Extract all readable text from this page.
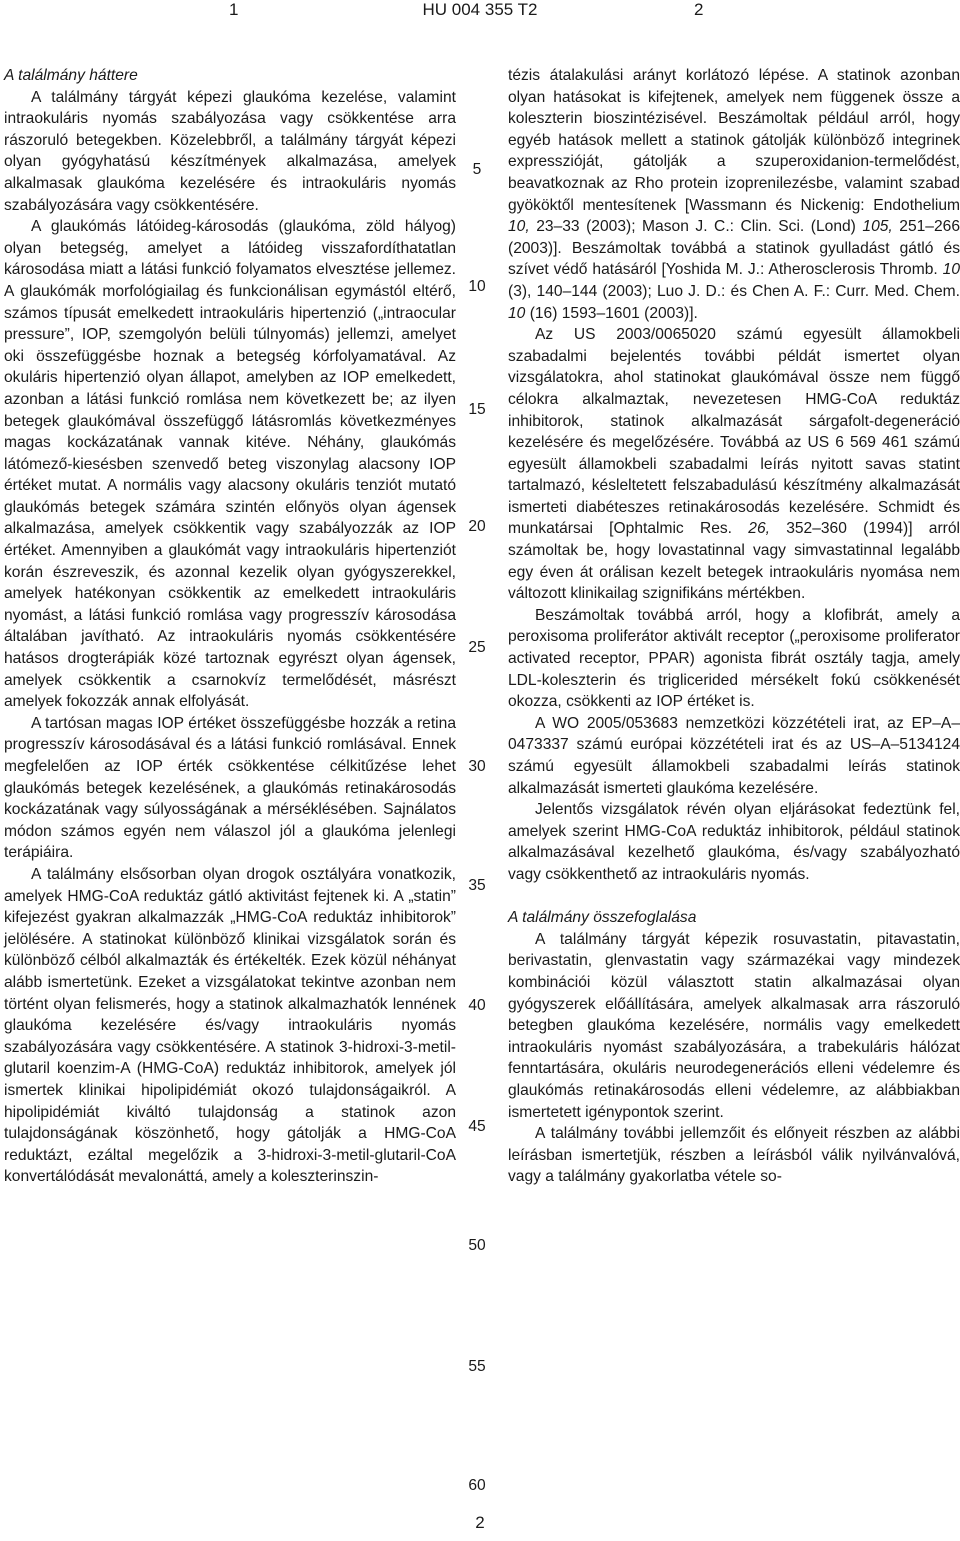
1	HU 004 355 T2	2
A találmány háttere

A találmány tárgyát képezi glaukóma kezelése, valamint intraokuláris nyomás szabályozása vagy csökkentése arra rászoruló betegekben. Közelebbről, a találmány tárgyát képezi olyan gyógyhatású készítmények alkalmazása, amelyek alkalmasak glaukóma kezelésére és intraokuláris nyomás szabályozására vagy csökkentésére.

A glaukómás látóideg-károsodás (glaukóma, zöld hályog) olyan betegség, amelyet a látóideg visszafordíthatatlan károsodása miatt a látási funkció folyamatos elvesztése jellemez. A glaukómák morfológiailag és funkcionálisan egymástól eltérő, számos típusát emelkedett intraokuláris hipertenzió („intraocular pressure”, IOP, szemgolyón belüli túlnyomás) jellemzi, amelyet oki összefüggésbe hoznak a betegség kórfolyamatával. Az okuláris hipertenzió olyan állapot, amelyben az IOP emelkedett, azonban a látási funkció romlása nem következett be; az ilyen betegek glaukómával összefüggő látásromlás következményes magas kockázatának vannak kitéve. Néhány, glaukómás látómező-kiesésben szenvedő beteg viszonylag alacsony IOP értéket mutat. A normális vagy alacsony okuláris tenziót mutató glaukómás betegek számára szintén előnyös olyan ágensek alkalmazása, amelyek csökkentik vagy szabályozzák az IOP értéket. Amennyiben a glaukómát vagy intraokuláris hipertenziót korán észreveszik, és azonnal kezelik olyan gyógyszerekkel, amelyek hatékonyan csökkentik az emelkedett intraokuláris nyomást, a látási funkció romlása vagy progresszív károsodása általában javítható. Az intraokuláris nyomás csökkentésére hatásos drogterápiák közé tartoznak egyrészt olyan ágensek, amelyek csökkentik a csarnokvíz termelődését, másrészt amelyek fokozzák annak elfolyását.

A tartósan magas IOP értéket összefüggésbe hozzák a retina progresszív károsodásával és a látási funkció romlásával. Ennek megfelelően az IOP érték csökkentése célkitűzése lehet glaukómás betegek kezelésének, a glaukómás retinakárosodás kockázatának vagy súlyosságának a mérséklésében. Sajnálatos módon számos egyén nem válaszol jól a glaukóma jelenlegi terápiáira.

A találmány elsősorban olyan drogok osztályára vonatkozik, amelyek HMG-CoA reduktáz gátló aktivitást fejtenek ki. A „statin” kifejezést gyakran alkalmazzák „HMG-CoA reduktáz inhibitorok” jelölésére. A statinokat különböző klinikai vizsgálatok során és különböző célból alkalmazták és értékelték. Ezek közül néhányat alább ismertetünk. Ezeket a vizsgálatokat tekintve azonban nem történt olyan felismerés, hogy a statinok alkalmazhatók lennének glaukóma kezelésére és/vagy intraokuláris nyomás szabályozására vagy csökkentésére. A statinok 3-hidroxi-3-metil-glutaril koenzim-A (HMG-CoA) reduktáz inhibitorok, amelyek jól ismertek klinikai hipolipidémiát okozó tulajdonságaikról. A hipolipidémiát kiváltó tulajdonság a statinok azon tulajdonságának köszönhető, hogy gátolják a HMG-CoA reduktázt, ezáltal megelőzik a 3-hidroxi-3-metil-glutaril-CoA konvertálódását mevalonáttá, amely a koleszterinszin-

5
10
15
20
25
30
35
40
45
50
55
60

tézis átalakulási arányt korlátozó lépése. A statinok azonban olyan hatásokat is kifejtenek, amelyek nem függenek össze a koleszterin bioszintézisével. Beszámoltak például arról, hogy egyéb hatások mellett a statinok gátolják különböző integrinek expresszióját, gátolják a szuperoxidanion-termelődést, beavatkoznak az Rho protein izoprenilezésbe, valamint szabad gyököktől mentesítenek [Wassmann és Nickenig: Endothelium 10, 23–33 (2003); Mason J. C.: Clin. Sci. (Lond) 105, 251–266 (2003)]. Beszámoltak továbbá a statinok gyulladást gátló és szívet védő hatásáról [Yoshida M. J.: Atherosclerosis Thromb. 10 (3), 140–144 (2003); Luo J. D.: és Chen A. F.: Curr. Med. Chem. 10 (16) 1593–1601 (2003)].

Az US 2003/0065020 számú egyesült államokbeli szabadalmi bejelentés további példát ismertet olyan vizsgálatokra, ahol statinokat glaukómával össze nem függő célokra alkalmaztak, nevezetesen HMG-CoA reduktáz inhibitorok, statinok alkalmazását sárgafolt-degeneráció kezelésére és megelőzésére. Továbbá az US 6 569 461 számú egyesült államokbeli szabadalmi leírás nyitott savas statint tartalmazó, késleltetett felszabadulású készítmény alkalmazását ismerteti diabéteszes retinakárosodás kezelésére. Schmidt és munkatársai [Ophtalmic Res. 26, 352–360 (1994)] arról számoltak be, hogy lovastatinnal vagy simvastatinnal legalább egy éven át orálisan kezelt betegek intraokuláris nyomása nem változott klinikailag szignifikáns mértékben.

Beszámoltak továbbá arról, hogy a klofibrát, amely a peroxisoma proliferátor aktivált receptor („peroxisome proliferator activated receptor, PPAR) agonista fibrát osztály tagja, amely LDL-koleszterin és triglicerided mérsékelt fokú csökkenését okozza, csökkenti az IOP értéket is.

A WO 2005/053683 nemzetközi közzétételi irat, az EP–A–0473337 számú európai közzétételi irat és az US–A–5134124 számú egyesült államokbeli szabadalmi leírás statinok alkalmazását ismerteti glaukóma kezelésére.

Jelentős vizsgálatok révén olyan eljárásokat fedeztünk fel, amelyek szerint HMG-CoA reduktáz inhibitorok, például statinok alkalmazásával kezelhető glaukóma, és/vagy szabályozható vagy csökkenthető az intraokuláris nyomás.

A találmány összefoglalása

A találmány tárgyát képezik rosuvastatin, pitavastatin, berivastatin, glenvastatin vagy származékai vagy mindezek kombinációi közül választott statin alkalmazásai olyan gyógyszerek előállítására, amelyek alkalmasak arra rászoruló betegben glaukóma kezelésére, normális vagy emelkedett intraokuláris nyomást szabályozására, a trabekuláris hálózat fenntartására, okuláris neurodegenerációs elleni védelemre és glaukómás retinakárosodás elleni védelemre, az alábbiakban ismertetett igénypontok szerint.

A találmány további jellemzőit és előnyeit részben az alábbi leírásban ismertetjük, részben a leírásból válik nyilvánvalóvá, vagy a találmány gyakorlatba vétele so-

2
